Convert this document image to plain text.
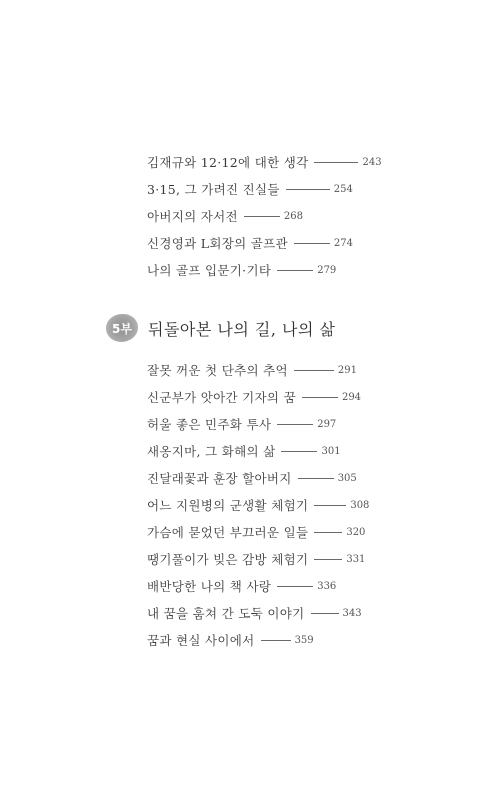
김재규와 12·12에 대한 생각	243
3·15, 그 가려진 진실들	254
아버지의 자서전	268
신경영과 L회장의 골프관	274
나의 골프 입문기·기타	279
잘못 꺼운 첫 단추의 추억	291
신군부가 앗아간 기자의 꿈	294
허울 좋은 민주화 투사	297
새옹지마, 그 화해의 삶	301
진달래꽃과 훈장 할아버지	305
어느 지원병의 군생활 체험기	308
가슴에 묻었던 부끄러운 일들	320
땡기풀이가 빚은 감방 체험기	331
배반당한 나의 책 사랑	336
내 꿈을 훔쳐 간 도둑 이야기	343
꿈과 현실 사이에서	359
5부	뒤돌아본 나의 길, 나의 삶
